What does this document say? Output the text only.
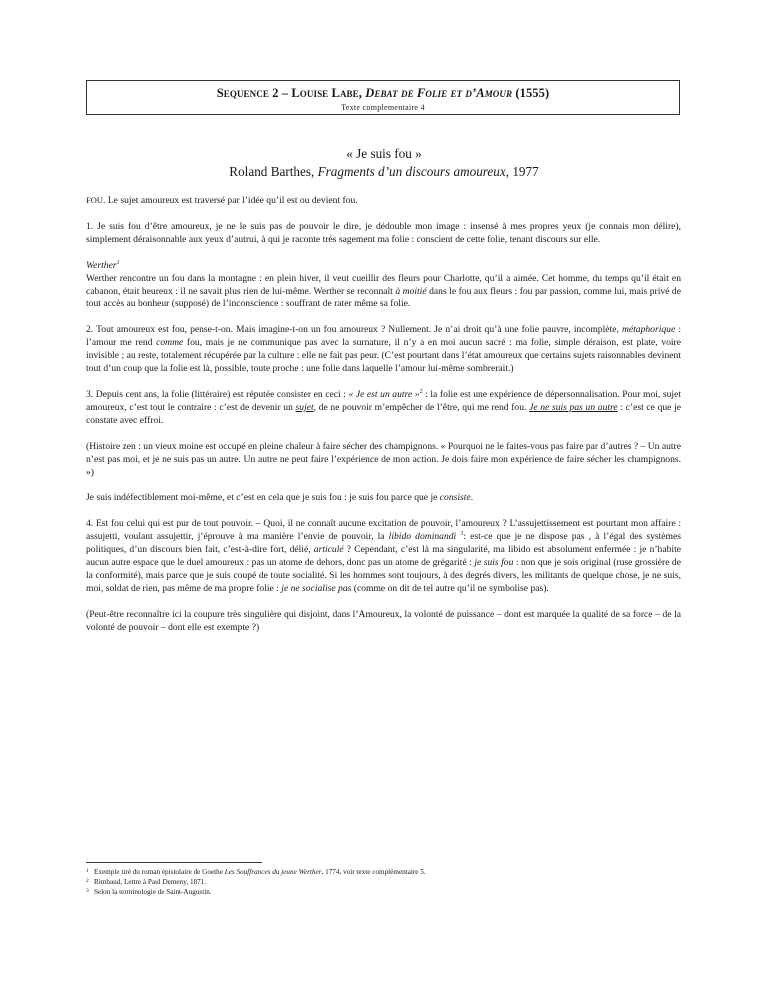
Sequence 2 – Louise Labe, Debat de Folie et d’Amour (1555)
Texte complementaire 4
« Je suis fou »
Roland Barthes, Fragments d’un discours amoureux, 1977

FOU. Le sujet amoureux est traversé par l’idée qu’il est ou devient fou.

1. Je suis fou d’être amoureux, je ne le suis pas de pouvoir le dire, je dédouble mon image : insensé à mes propres yeux (je connais mon délire), simplement déraisonnable aux yeux d’autrui, à qui je raconte très sagement ma folie : conscient de cette folie, tenant discours sur elle.

Werther$^1$

Werther rencontre un fou dans la montagne : en plein hiver, il veut cueillir des fleurs pour Charlotte, qu’il a aimée. Cet homme, du temps qu’il était en cabanon, était heureux : il ne savait plus rien de lui-même. Werther se reconnaît à moitié dans le fou aux fleurs : fou par passion, comme lui, mais privé de tout accès au bonheur (supposé) de l’inconscience : souffrant de rater même sa folie.

2. Tout amoureux est fou, pense-t-on. Mais imagine-t-on un fou amoureux ? Nullement. Je n’ai droit qu’à une folie pauvre, incomplète, métaphorique : l’amour me rend comme fou, mais je ne communique pas avec la surnature, il n’y a en moi aucun sacré : ma folie, simple déraison, est plate, voire invisible ; au reste, totalement récupérée par la culture : elle ne fait pas peur. (C’est pourtant dans l’état amoureux que certains sujets raisonnables devinent tout d’un coup que la folie est là, possible, toute proche : une folie dans laquelle l’amour lui-même sombrerait.)

3. Depuis cent ans, la folie (littéraire) est réputée consister en ceci : « Je est un autre »$^2$ : la folie est une expérience de dépersonnalisation. Pour moi, sujet amoureux, c’est tout le contraire : c’est de devenir un sujet, de ne pouvoir m’empêcher de l’être, qui me rend fou. Je ne suis pas un autre : c’est ce que je constate avec effroi.

(Histoire zen : un vieux moine est occupé en pleine chaleur à faire sécher des champignons. « Pourquoi ne le faites-vous pas faire par d’autres ? – Un autre n’est pas moi, et je ne suis pas un autre. Un autre ne peut faire l’expérience de mon action. Je dois faire mon expérience de faire sécher les champignons. »)

Je suis indéfectiblement moi-même, et c’est en cela que je suis fou : je suis fou parce que je consiste.

4. Est fou celui qui est pur de tout pouvoir. – Quoi, il ne connaît aucune excitation de pouvoir, l’amoureux ? L’assujettissement est pourtant mon affaire : assujetti, voulant assujettir, j’éprouve à ma manière l’envie de pouvoir, la libido dominandi $^3$: est-ce que je ne dispose pas , à l’égal des systèmes politiques, d’un discours bien fait, c’est-à-dire fort, délié, articulé ? Cependant, c’est là ma singularité, ma libido est absolument enfermée : je n’habite aucun autre espace que le duel amoureux : pas un atome de dehors, donc pas un atome de grégarité : je suis fou : non que je sois original (ruse grossière de la conformité), mais parce que je suis coupé de toute socialité. Si les hommes sont toujours, à des degrés divers, les militants de quelque chose, je ne suis, moi, soldat de rien, pas même de ma propre folie : je ne socialise pas (comme on dit de tel autre qu’il ne symbolise pas).

(Peut-être reconnaître ici la coupure très singulière qui disjoint, dans l’Amoureux, la volonté de puissance – dont est marquée la qualité de sa force – de la volonté de pouvoir – dont elle est exempte ?)

1 Exemple tiré du roman épistolaire de Goethe Les Souffrances du jeune Werther, 1774, voir texte complémentaire 5.

2 Rimbaud, Lettre à Paul Demeny, 1871.

3 Selon la terminologie de Saint-Augustin.
